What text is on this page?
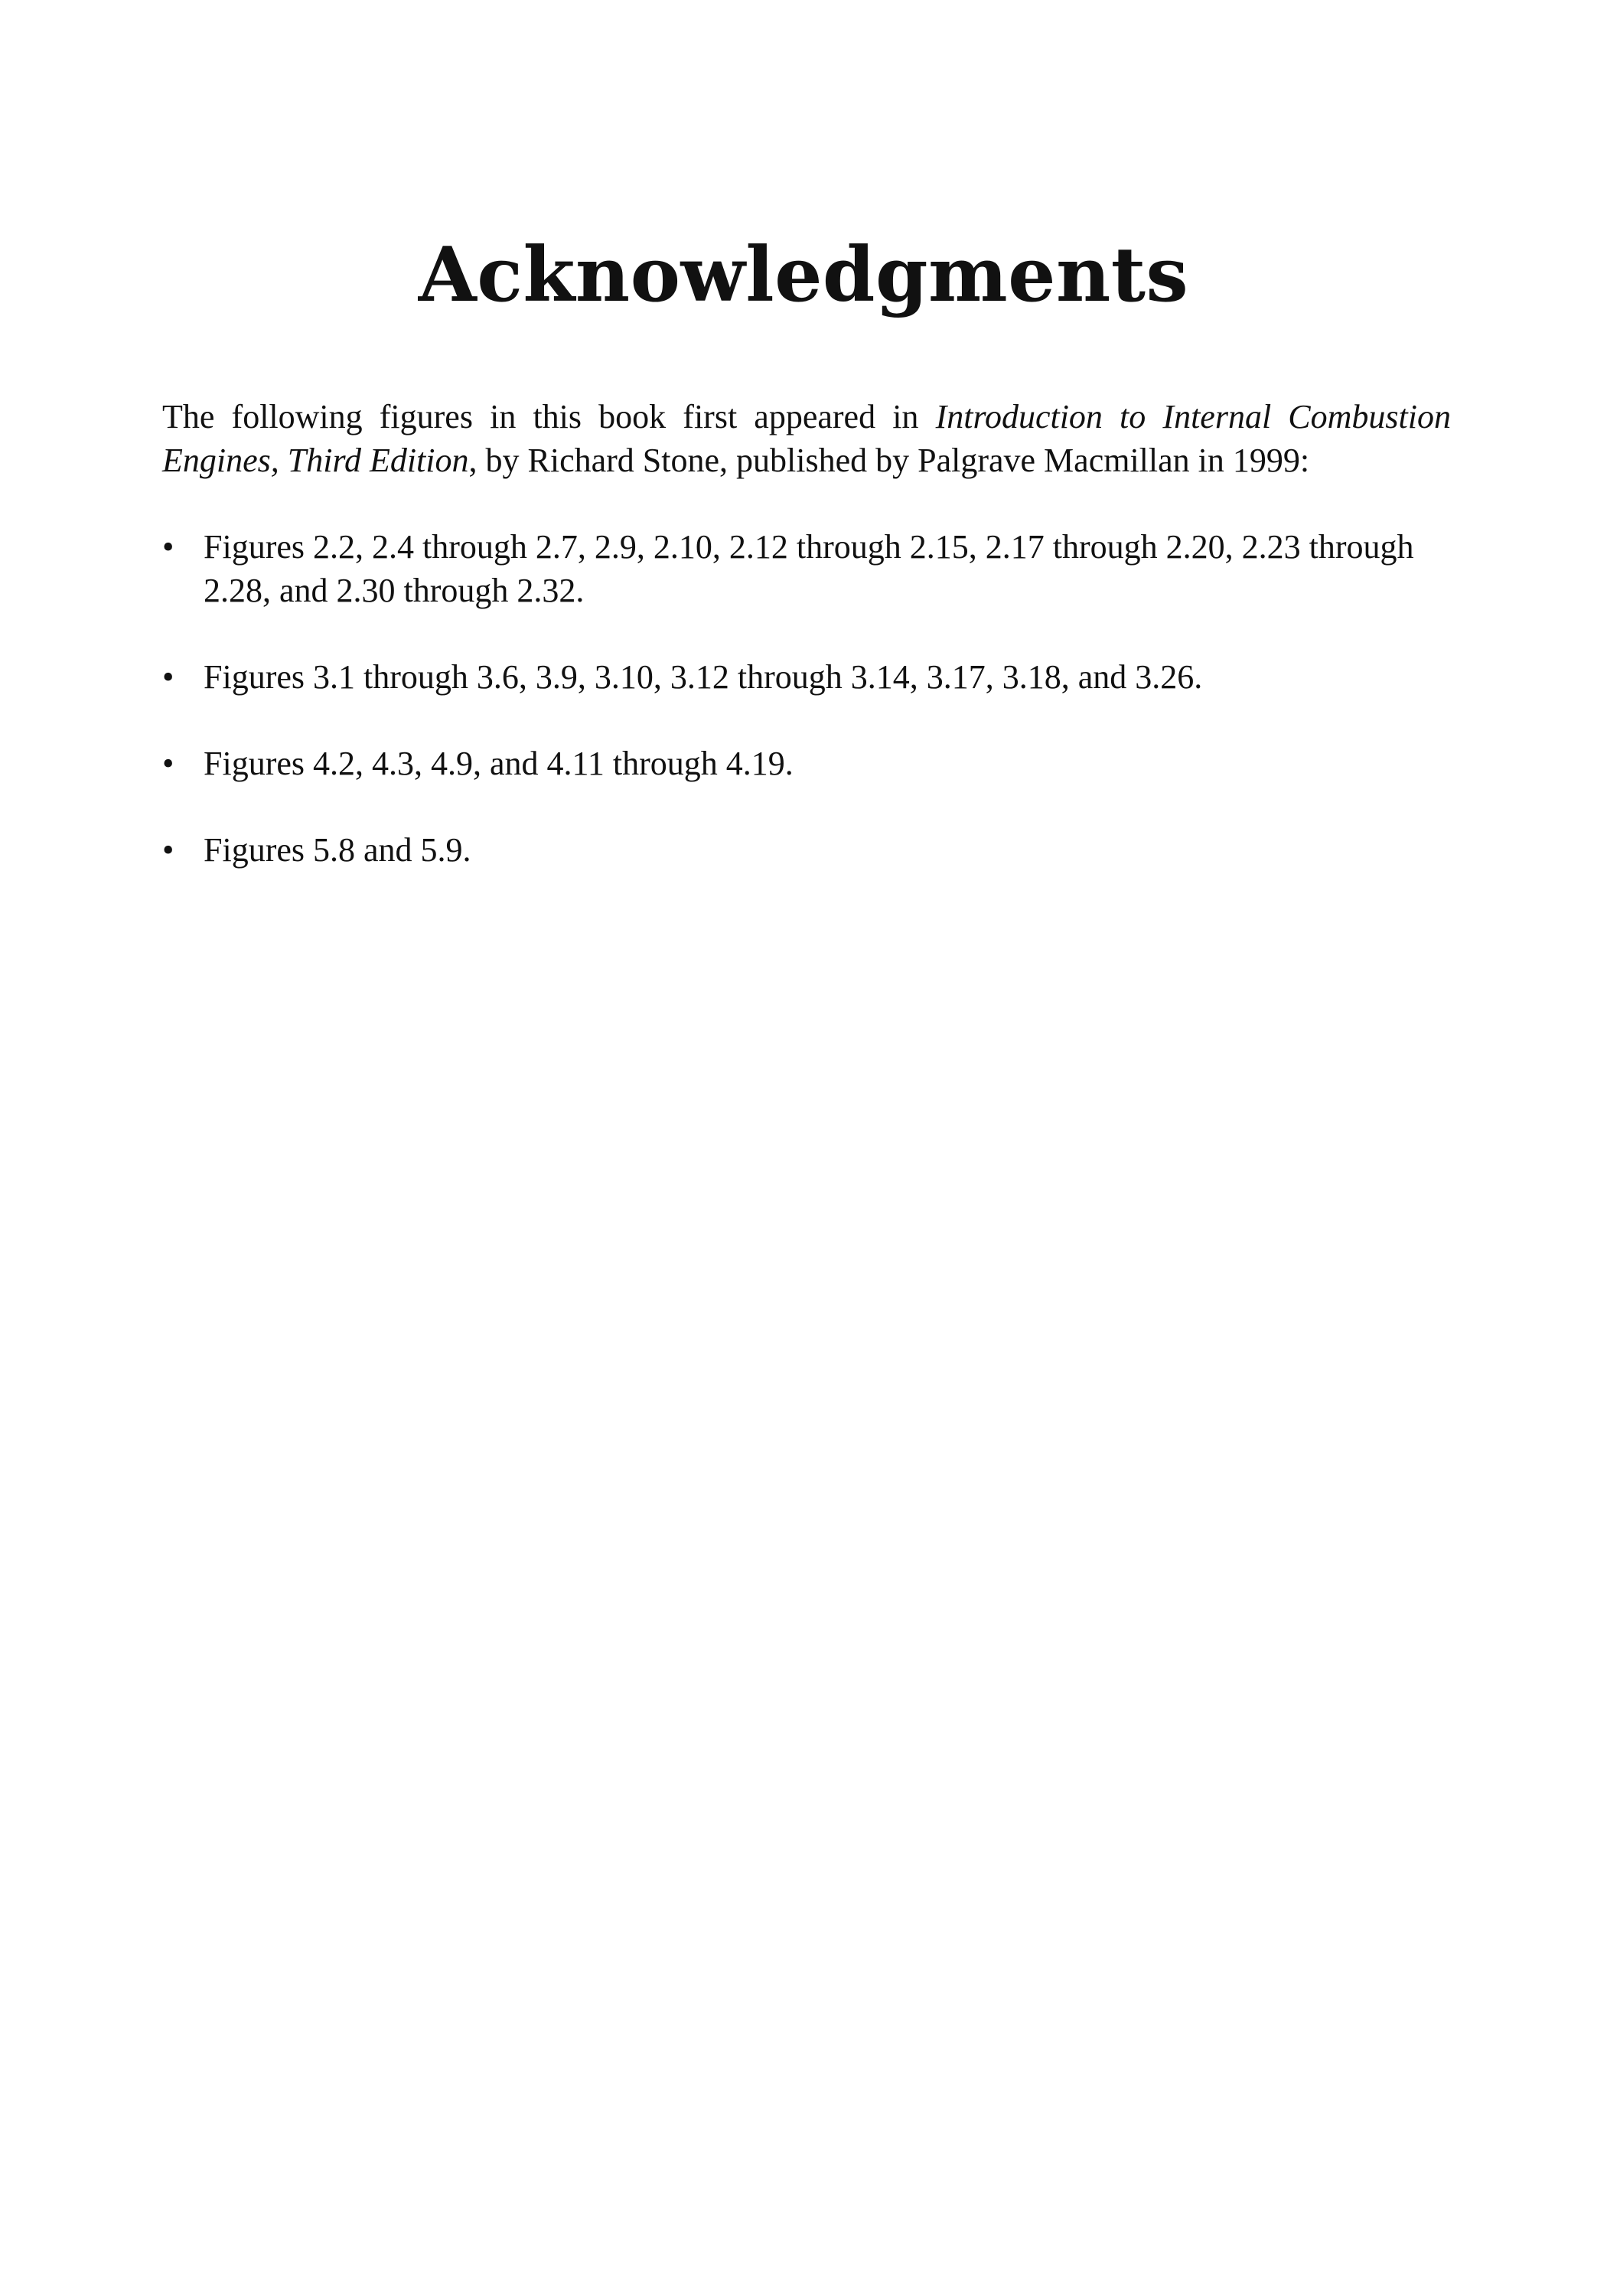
Acknowledgments

The following figures in this book first appeared in Introduction to Internal Combustion Engines, Third Edition, by Richard Stone, published by Palgrave Macmillan in 1999:

• Figures 2.2, 2.4 through 2.7, 2.9, 2.10, 2.12 through 2.15, 2.17 through 2.20, 2.23 through 2.28, and 2.30 through 2.32.
• Figures 3.1 through 3.6, 3.9, 3.10, 3.12 through 3.14, 3.17, 3.18, and 3.26.
• Figures 4.2, 4.3, 4.9, and 4.11 through 4.19.
• Figures 5.8 and 5.9.
